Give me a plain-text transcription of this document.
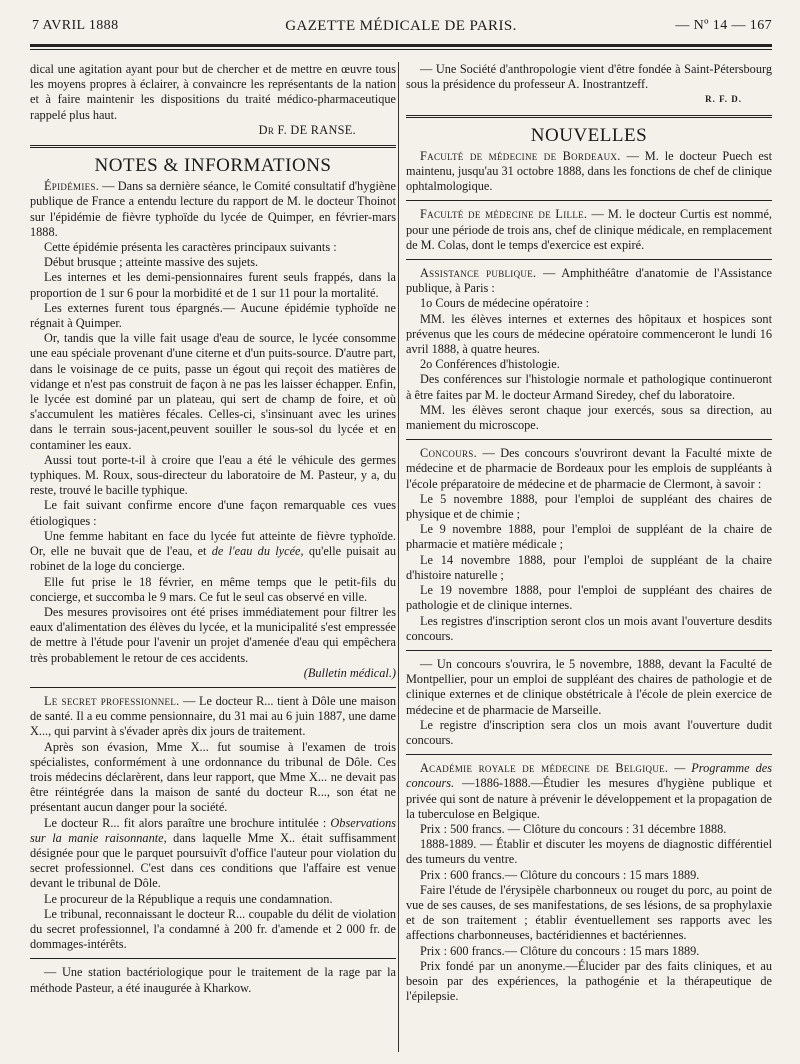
7 AVRIL 1888	GAZETTE MÉDICALE DE PARIS.	— Nº 14 — 167

dical une agitation ayant pour but de chercher et de mettre en œuvre tous les moyens propres à éclairer, à convaincre les représentants de la nation et à faire maintenir les dispositions du traité médico-pharmaceutique rappelé plus haut.

Dr F. DE RANSE.

NOTES & INFORMATIONS

Épidémies. — Dans sa dernière séance, le Comité consultatif d'hygiène publique de France a entendu lecture du rapport de M. le docteur Thoinot sur l'épidémie de fièvre typhoïde du lycée de Quimper, en février-mars 1888.

Cette épidémie présenta les caractères principaux suivants :

Début brusque ; atteinte massive des sujets.

Les internes et les demi-pensionnaires furent seuls frappés, dans la proportion de 1 sur 6 pour la morbidité et de 1 sur 11 pour la mortalité.

Les externes furent tous épargnés.— Aucune épidémie typhoïde ne régnait à Quimper.

Or, tandis que la ville fait usage d'eau de source, le lycée consomme une eau spéciale provenant d'une citerne et d'un puits-source. D'autre part, dans le voisinage de ce puits, passe un égout qui reçoit des matières de vidange et n'est pas construit de façon à ne pas les laisser échapper. Enfin, le lycée est dominé par un plateau, qui sert de champ de foire, et où s'accumulent les matières fécales. Celles-ci, s'insinuant avec les urines dans le terrain sous-jacent,peuvent souiller le sous-sol du lycée et en contaminer les eaux.

Aussi tout porte-t-il à croire que l'eau a été le véhicule des germes typhiques. M. Roux, sous-directeur du laboratoire de M. Pasteur, y a, du reste, trouvé le bacille typhique.

Le fait suivant confirme encore d'une façon remarquable ces vues étiologiques :

Une femme habitant en face du lycée fut atteinte de fièvre typhoïde. Or, elle ne buvait que de l'eau, et de l'eau du lycée, qu'elle puisait au robinet de la loge du concierge.

Elle fut prise le 18 février, en même temps que le petit-fils du concierge, et succomba le 9 mars. Ce fut le seul cas observé en ville.

Des mesures provisoires ont été prises immédiatement pour filtrer les eaux d'alimentation des élèves du lycée, et la municipalité s'est empressée de mettre à l'étude pour l'avenir un projet d'amenée d'eau qui empêchera très probablement le retour de ces accidents.

(Bulletin médical.)

Le secret professionnel. — Le docteur R... tient à Dôle une maison de santé. Il a eu comme pensionnaire, du 31 mai au 6 juin 1887, une dame X..., qui parvint à s'évader après dix jours de traitement.

Après son évasion, Mme X... fut soumise à l'examen de trois spécialistes, conformément à une ordonnance du tribunal de Dôle. Ces trois médecins déclarèrent, dans leur rapport, que Mme X... ne devait pas être réintégrée dans la maison de santé du docteur R..., son état ne présentant aucun danger pour la société.

Le docteur R... fit alors paraître une brochure intitulée : Observations sur la manie raisonnante, dans laquelle Mme X.. était suffisamment désignée pour que le parquet poursuivît d'office l'auteur pour violation du secret professionnel. C'est dans ces conditions que l'affaire est venue devant le tribunal de Dôle.

Le procureur de la République a requis une condamnation.

Le tribunal, reconnaissant le docteur R... coupable du délit de violation du secret professionnel, l'a condamné à 200 fr. d'amende et 2 000 fr. de dommages-intérêts.

— Une station bactériologique pour le traitement de la rage par la méthode Pasteur, a été inaugurée à Kharkow.

— Une Société d'anthropologie vient d'être fondée à Saint-Pétersbourg sous la présidence du professeur A. Inostrantzeff.

R. F. D.
NOUVELLES

Faculté de médecine de Bordeaux. — M. le docteur Puech est maintenu, jusqu'au 31 octobre 1888, dans les fonctions de chef de clinique ophtalmologique.

Faculté de médecine de Lille. — M. le docteur Curtis est nommé, pour une période de trois ans, chef de clinique médicale, en remplacement de M. Colas, dont le temps d'exercice est expiré.

Assistance publique. — Amphithéâtre d'anatomie de l'Assistance publique, à Paris :

1o Cours de médecine opératoire :

MM. les élèves internes et externes des hôpitaux et hospices sont prévenus que les cours de médecine opératoire commenceront le lundi 16 avril 1888, à quatre heures.

2o Conférences d'histologie.

Des conférences sur l'histologie normale et pathologique continueront à être faites par M. le docteur Armand Siredey, chef du laboratoire.

MM. les élèves seront chaque jour exercés, sous sa direction, au maniement du microscope.

Concours. — Des concours s'ouvriront devant la Faculté mixte de médecine et de pharmacie de Bordeaux pour les emplois de suppléants à l'école préparatoire de médecine et de pharmacie de Clermont, à savoir :

Le 5 novembre 1888, pour l'emploi de suppléant des chaires de physique et de chimie ;

Le 9 novembre 1888, pour l'emploi de suppléant de la chaire de pharmacie et matière médicale ;

Le 14 novembre 1888, pour l'emploi de suppléant de la chaire d'histoire naturelle ;

Le 19 novembre 1888, pour l'emploi de suppléant des chaires de pathologie et de clinique internes.

Les registres d'inscription seront clos un mois avant l'ouverture desdits concours.

— Un concours s'ouvrira, le 5 novembre, 1888, devant la Faculté de Montpellier, pour un emploi de suppléant des chaires de pathologie et de clinique externes et de clinique obstétricale à l'école de plein exercice de médecine et de pharmacie de Marseille.

Le registre d'inscription sera clos un mois avant l'ouverture dudit concours.

Académie royale de médecine de Belgique. — Programme des concours. —1886-1888.—Étudier les mesures d'hygiène publique et privée qui sont de nature à prévenir le développement et la propagation de la tuberculose en Belgique.

Prix : 500 francs. — Clôture du concours : 31 décembre 1888.

1888-1889. — Établir et discuter les moyens de diagnostic différentiel des tumeurs du ventre.

Prix : 600 francs.— Clôture du concours : 15 mars 1889.

Faire l'étude de l'érysipèle charbonneux ou rouget du porc, au point de vue de ses causes, de ses manifestations, de ses lésions, de sa prophylaxie et de son traitement ; établir éventuellement ses rapports avec les affections charbonneuses, bactéridiennes et bactériennes.

Prix : 600 francs.— Clôture du concours : 15 mars 1889.

Prix fondé par un anonyme.—Élucider par des faits cliniques, et au besoin par des expériences, la pathogénie et la thérapeutique de l'épilepsie.
